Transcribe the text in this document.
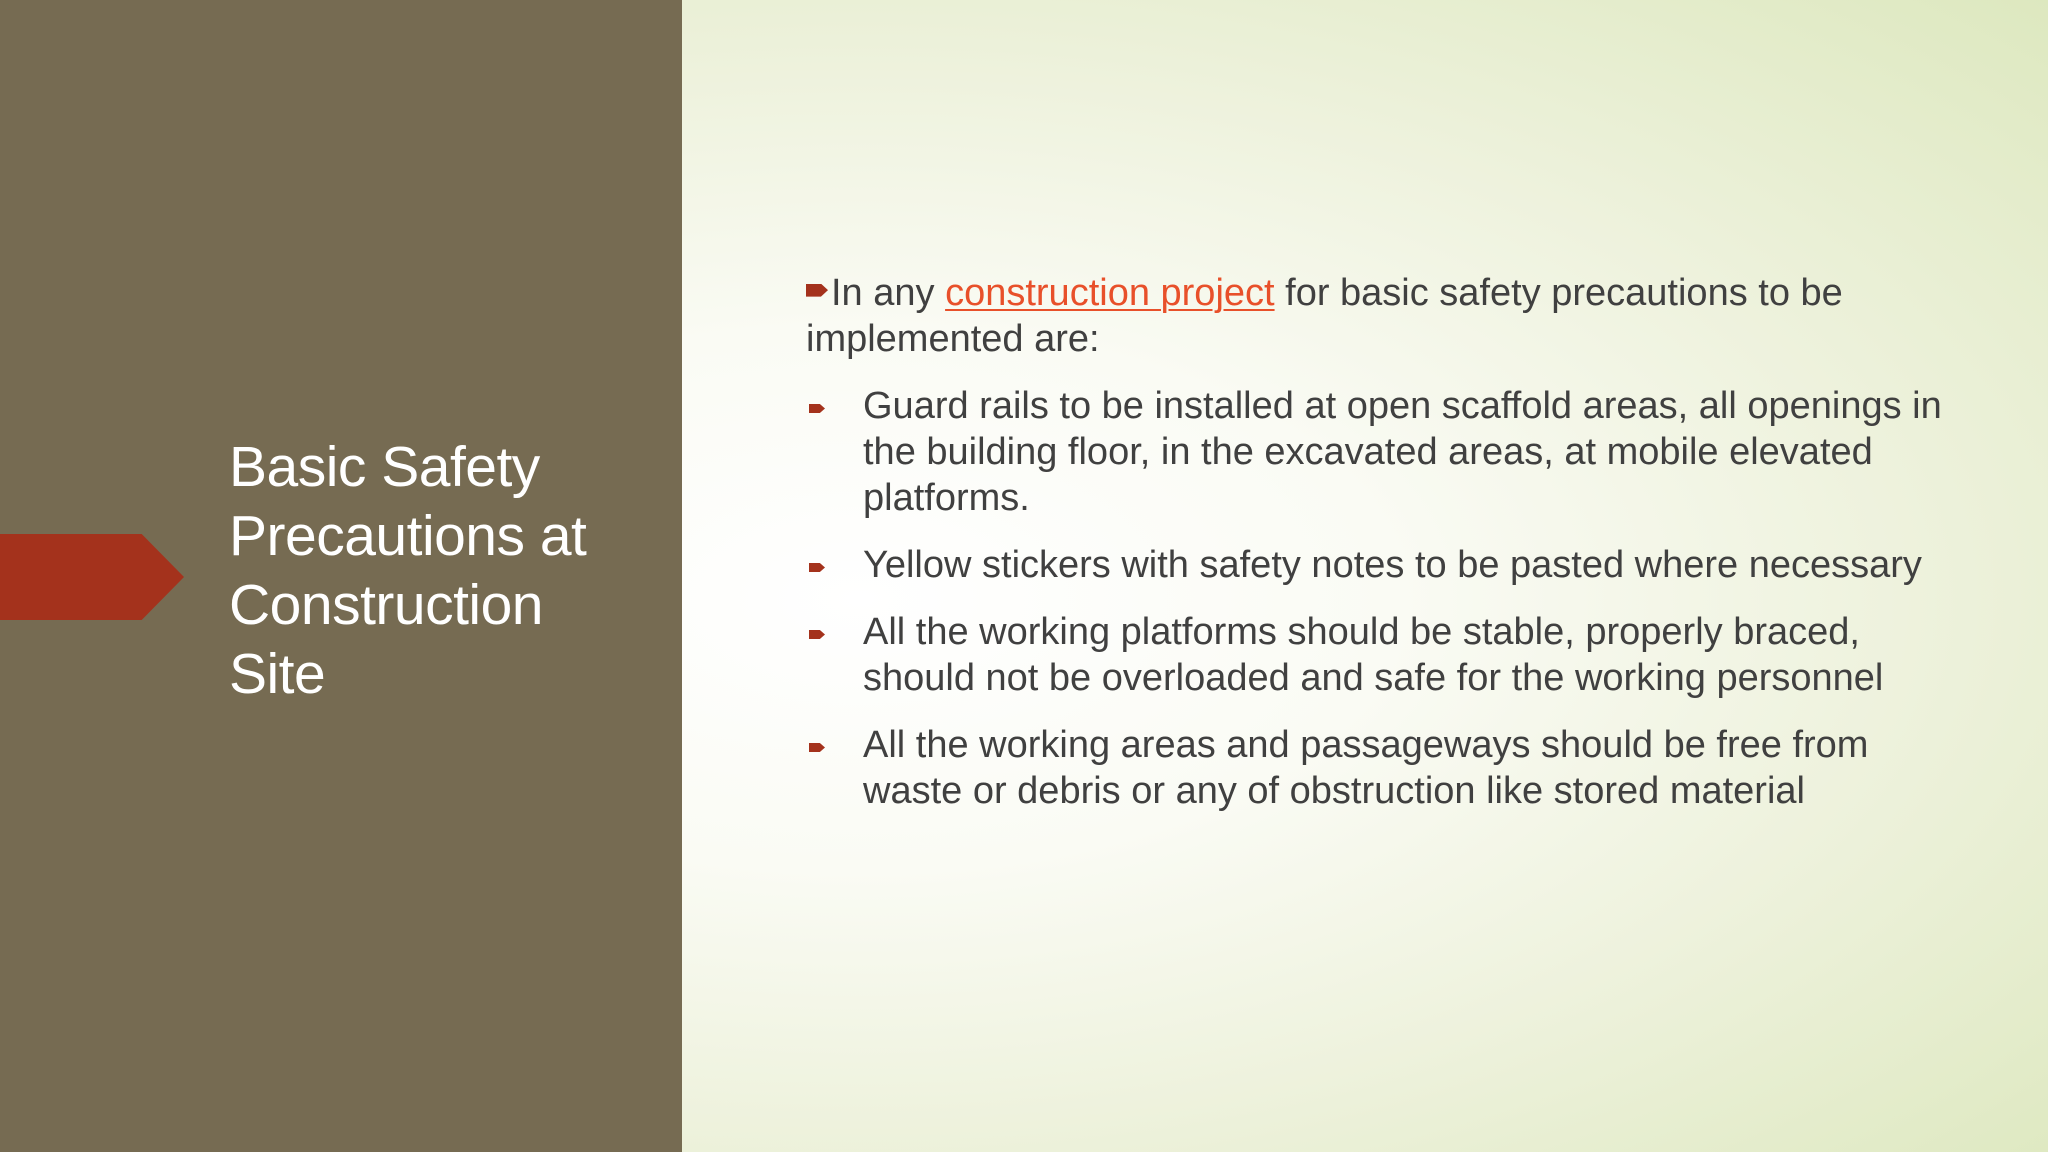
Basic Safety Precautions at Construction Site

In any construction project for basic safety precautions to be implemented are:

Guard rails to be installed at open scaffold areas, all openings in the building floor, in the excavated areas, at mobile elevated platforms.
Yellow stickers with safety notes to be pasted where necessary
All the working platforms should be stable, properly braced, should not be overloaded and safe for the working personnel
All the working areas and passageways should be free from waste or debris or any of obstruction like stored material
